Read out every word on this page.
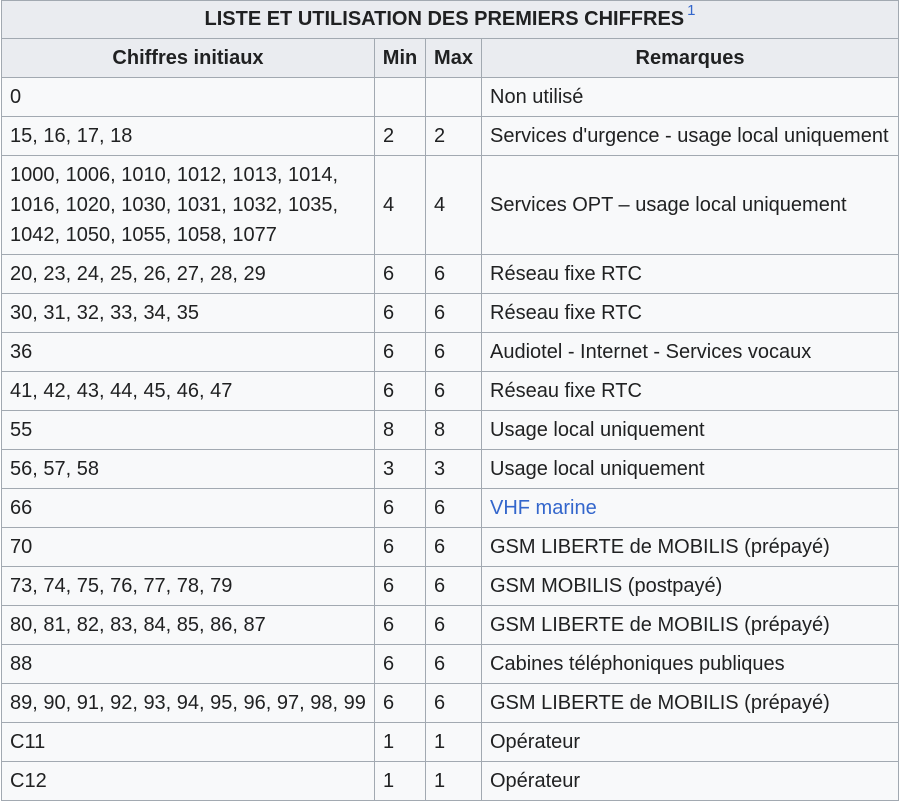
LISTE ET UTILISATION DES PREMIERS CHIFFRES $^1$
Chiffres initiaux	Min	Max	Remarques
0			Non utilisé
15, 16, 17, 18	2	2	Services d'urgence - usage local uniquement
1000, 1006, 1010, 1012, 1013, 1014, 1016, 1020, 1030, 1031, 1032, 1035, 1042, 1050, 1055, 1058, 1077	4	4	Services OPT – usage local uniquement
20, 23, 24, 25, 26, 27, 28, 29	6	6	Réseau fixe RTC
30, 31, 32, 33, 34, 35	6	6	Réseau fixe RTC
36	6	6	Audiotel - Internet - Services vocaux
41, 42, 43, 44, 45, 46, 47	6	6	Réseau fixe RTC
55	8	8	Usage local uniquement
56, 57, 58	3	3	Usage local uniquement
66	6	6	VHF marine
70	6	6	GSM LIBERTE de MOBILIS (prépayé)
73, 74, 75, 76, 77, 78, 79	6	6	GSM MOBILIS (postpayé)
80, 81, 82, 83, 84, 85, 86, 87	6	6	GSM LIBERTE de MOBILIS (prépayé)
88	6	6	Cabines téléphoniques publiques
89, 90, 91, 92, 93, 94, 95, 96, 97, 98, 99	6	6	GSM LIBERTE de MOBILIS (prépayé)
C11	1	1	Opérateur
C12	1	1	Opérateur
